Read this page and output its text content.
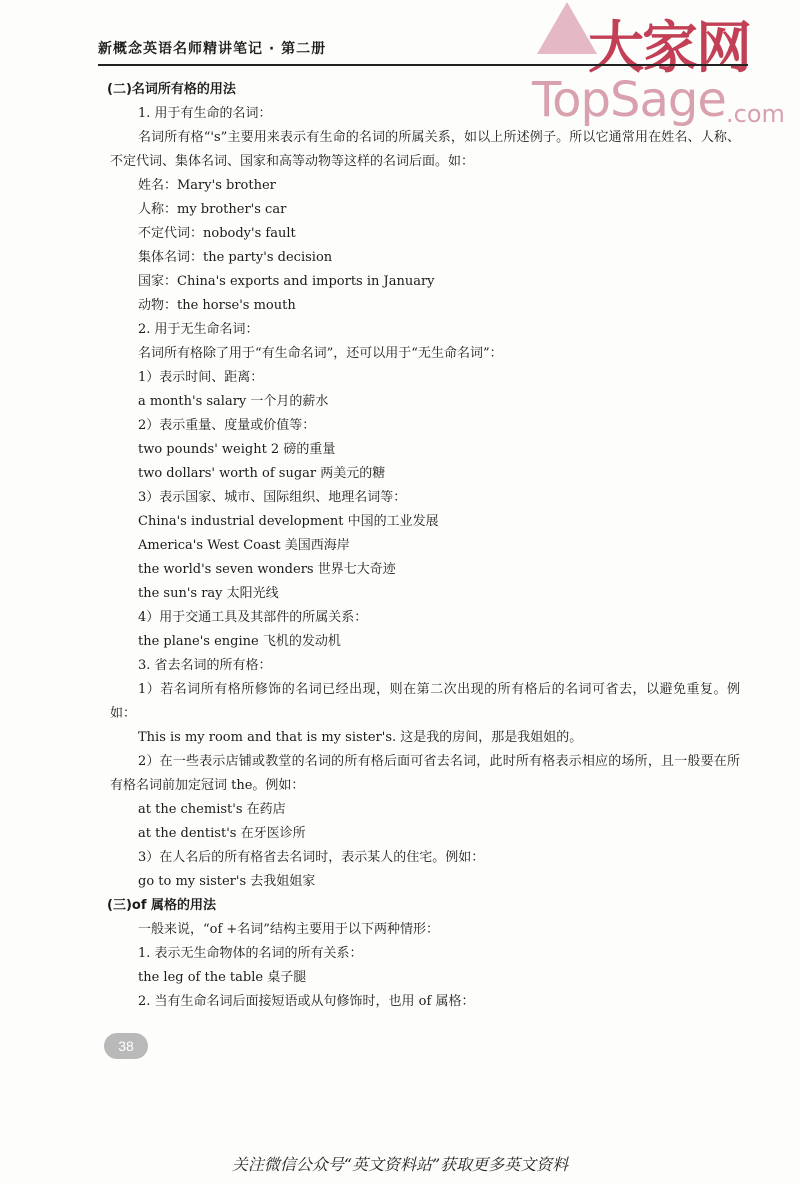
大家网
TopSage .com
新概念英语名师精讲笔记 · 第二册
(二)名词所有格的用法
1. 用于有生命的名词：
名词所有格“'s”主要用来表示有生命的名词的所属关系，如以上所述例子。所以它通常用在姓名、人称、不定代词、集体名词、国家和高等动物等这样的名词后面。如：
姓名：Mary's brother
人称：my brother's car
不定代词：nobody's fault
集体名词：the party's decision
国家：China's exports and imports in January
动物：the horse's mouth
2. 用于无生命名词：
名词所有格除了用于“有生命名词”，还可以用于“无生命名词”：
1）表示时间、距离：
a month's salary 一个月的薪水
2）表示重量、度量或价值等：
two pounds' weight 2 磅的重量
two dollars' worth of sugar 两美元的糖
3）表示国家、城市、国际组织、地理名词等：
China's industrial development 中国的工业发展
America's West Coast 美国西海岸
the world's seven wonders 世界七大奇迹
the sun's ray 太阳光线
4）用于交通工具及其部件的所属关系：
the plane's engine 飞机的发动机
3. 省去名词的所有格：
1）若名词所有格所修饰的名词已经出现，则在第二次出现的所有格后的名词可省去，以避免重复。例如：
This is my room and that is my sister's. 这是我的房间，那是我姐姐的。
2）在一些表示店铺或教堂的名词的所有格后面可省去名词，此时所有格表示相应的场所，且一般要在所有格名词前加定冠词 the。例如：
at the chemist's 在药店
at the dentist's 在牙医诊所
3）在人名后的所有格省去名词时，表示某人的住宅。例如：
go to my sister's 去我姐姐家
(三)of 属格的用法
一般来说，“of +名词”结构主要用于以下两种情形：
1. 表示无生命物体的名词的所有关系：
the leg of the table 桌子腿
2. 当有生命名词后面接短语或从句修饰时，也用 of 属格：
38
关注微信公众号“英文资料站”获取更多英文资料
